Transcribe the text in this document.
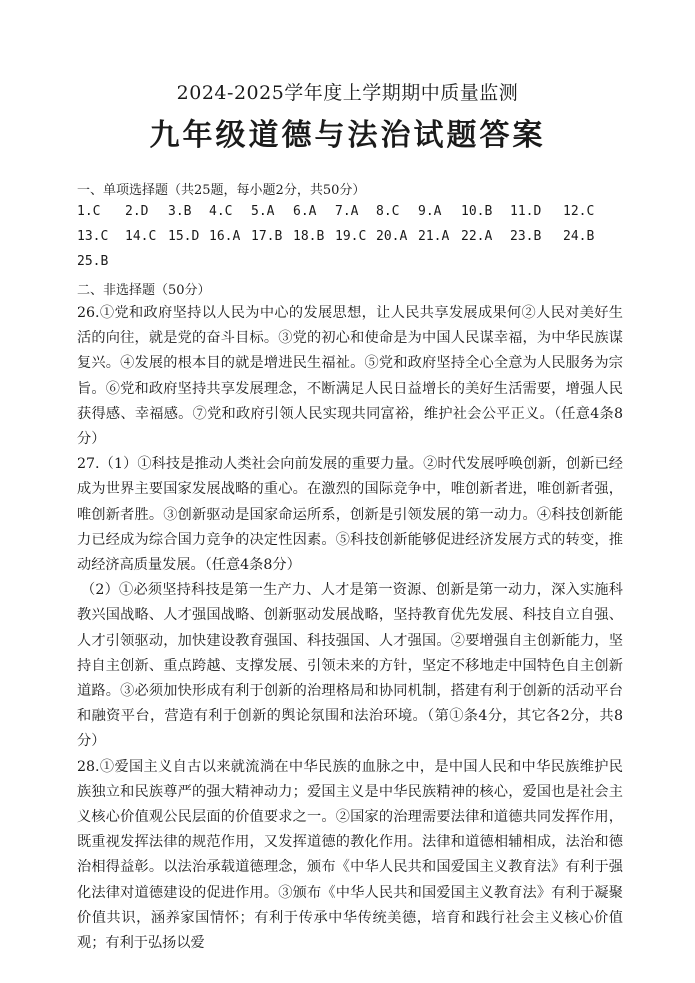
2024-2025学年度上学期期中质量监测
九年级道德与法治试题答案
一、单项选择题（共25题，每小题2分，共50分）
1.C 2.D 3.B 4.C 5.A 6.A 7.A 8.C 9.A 10.B 11.D 12.C
13.C 14.C 15.D 16.A 17.B 18.B 19.C 20.A 21.A 22.A 23.B 24.B
25.B
二、非选择题（50分）

26.①党和政府坚持以人民为中心的发展思想，让人民共享发展成果何②人民对美好生活的向往，就是党的奋斗目标。③党的初心和使命是为中国人民谋幸福，为中华民族谋复兴。④发展的根本目的就是增进民生福祉。⑤党和政府坚持全心全意为人民服务为宗旨。⑥党和政府坚持共享发展理念，不断满足人民日益增长的美好生活需要，增强人民获得感、幸福感。⑦党和政府引领人民实现共同富裕，维护社会公平正义。（任意4条8分）

27.（1）①科技是推动人类社会向前发展的重要力量。②时代发展呼唤创新，创新已经成为世界主要国家发展战略的重心。在激烈的国际竞争中，唯创新者进，唯创新者强，唯创新者胜。③创新驱动是国家命运所系，创新是引领发展的第一动力。④科技创新能力已经成为综合国力竞争的决定性因素。⑤科技创新能够促进经济发展方式的转变，推动经济高质量发展。（任意4条8分）

（2）①必须坚持科技是第一生产力、人才是第一资源、创新是第一动力，深入实施科教兴国战略、人才强国战略、创新驱动发展战略，坚持教育优先发展、科技自立自强、人才引领驱动，加快建设教育强国、科技强国、人才强国。②要增强自主创新能力，坚持自主创新、重点跨越、支撑发展、引领未来的方针，坚定不移地走中国特色自主创新道路。③必须加快形成有利于创新的治理格局和协同机制，搭建有利于创新的活动平台和融资平台，营造有利于创新的舆论氛围和法治环境。（第①条4分，其它各2分，共8分）

28.①爱国主义自古以来就流淌在中华民族的血脉之中，是中国人民和中华民族维护民族独立和民族尊严的强大精神动力；爱国主义是中华民族精神的核心，爱国也是社会主义核心价值观公民层面的价值要求之一。②国家的治理需要法律和道德共同发挥作用，既重视发挥法律的规范作用，又发挥道德的教化作用。法律和道德相辅相成，法治和德治相得益彰。以法治承载道德理念，颁布《中华人民共和国爱国主义教育法》有利于强化法律对道德建设的促进作用。③颁布《中华人民共和国爱国主义教育法》有利于凝聚价值共识，涵养家国情怀；有利于传承中华传统美德，培育和践行社会主义核心价值观；有利于弘扬以爱
